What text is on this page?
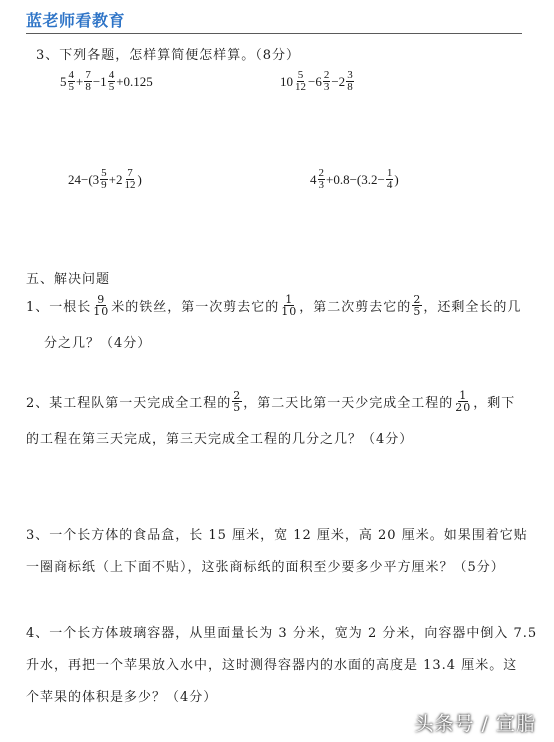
蓝老师看教育
3、下列各题，怎样算简便怎样算。（8分）
$5 \frac{4}{5} + \frac{7}{8} -1 \frac{4}{5} +0.125$	$10 \frac{5}{12} -6 \frac{2}{3} -2 \frac{3}{8}$
$24-(3 \frac{5}{9} +2 \frac{7}{12}$ )	$4 \frac{2}{3} +0.8-(3.2- \frac{1}{4}$ )
五、解决问题
1、一根长 $\frac{9}{10}$ 米的铁丝，第一次剪去它的 $\frac{1}{10}$ ，第二次剪去它的 $\frac{2}{5}$ ，还剩全长的几
分之几？（4分）
2、某工程队第一天完成全工程的 $\frac{2}{5}$ ，第二天比第一天少完成全工程的 $\frac{1}{20}$ ，剩下
的工程在第三天完成，第三天完成全工程的几分之几？（4分）
3、一个长方体的食品盒，长 15 厘米，宽 12 厘米，高 20 厘米。如果围着它贴
一圈商标纸（上下面不贴），这张商标纸的面积至少要多少平方厘米？（5分）
4、一个长方体玻璃容器，从里面量长为 3 分米，宽为 2 分米，向容器中倒入 7.5
升水，再把一个苹果放入水中，这时测得容器内的水面的高度是 13.4 厘米。这
个苹果的体积是多少？（4分）
头条号 / 宣脂
